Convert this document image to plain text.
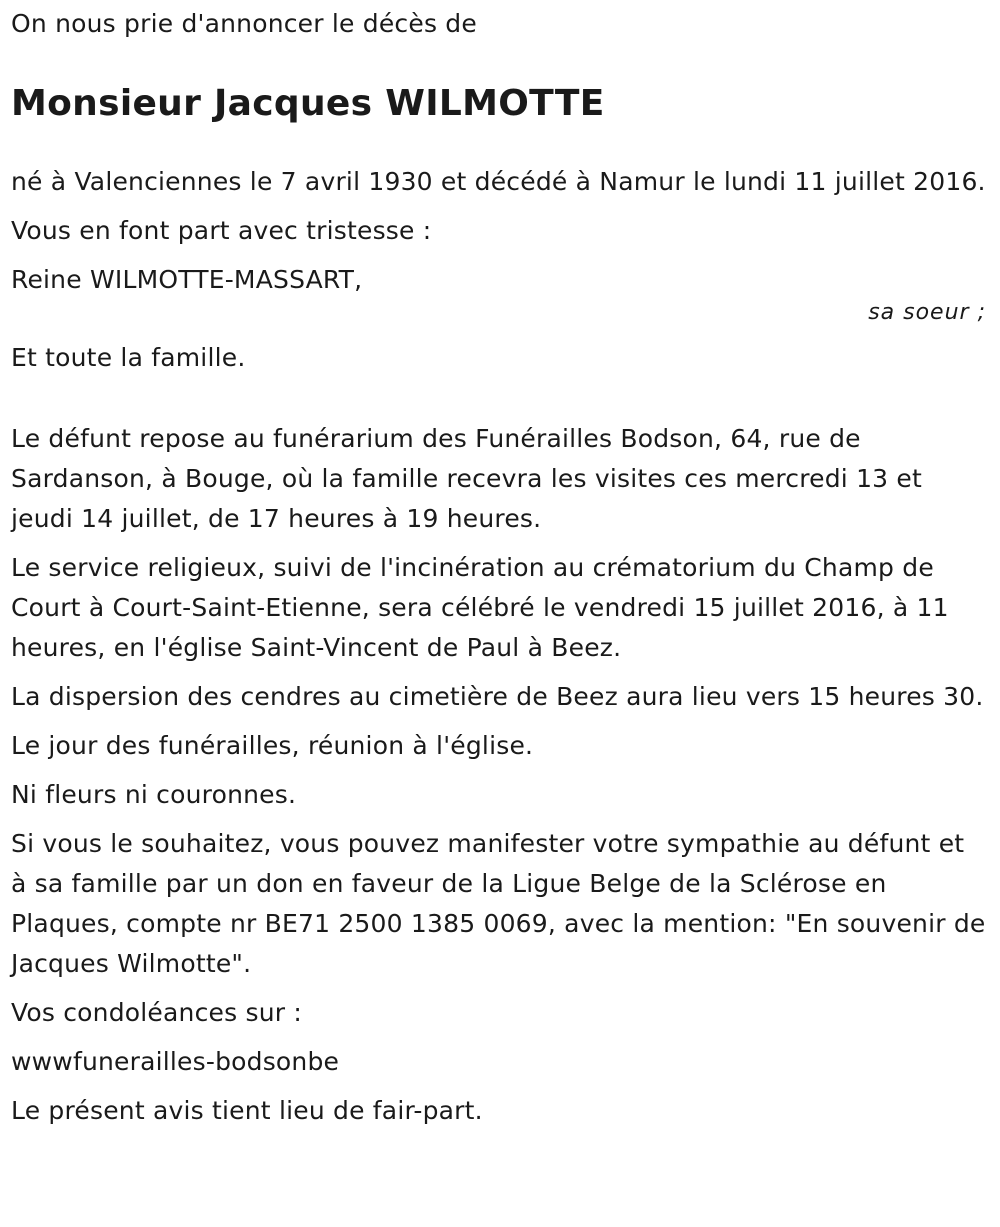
On nous prie d'annoncer le décès de

Monsieur Jacques WILMOTTE

né à Valenciennes le 7 avril 1930 et décédé à Namur le lundi 11 juillet 2016.

Vous en font part avec tristesse :

Reine WILMOTTE-MASSART,

sa soeur ;

Et toute la famille.

Le défunt repose au funérarium des Funérailles Bodson, 64, rue de Sardanson, à Bouge, où la famille recevra les visites ces mercredi 13 et jeudi 14 juillet, de 17 heures à 19 heures.

Le service religieux, suivi de l'incinération au crématorium du Champ de Court à Court-Saint-Etienne, sera célébré le vendredi 15 juillet 2016, à 11 heures, en l'église Saint-Vincent de Paul à Beez.

La dispersion des cendres au cimetière de Beez aura lieu vers 15 heures 30.

Le jour des funérailles, réunion à l'église.

Ni fleurs ni couronnes.

Si vous le souhaitez, vous pouvez manifester votre sympathie au défunt et à sa famille par un don en faveur de la Ligue Belge de la Sclérose en Plaques, compte nr BE71 2500 1385 0069, avec la mention: "En souvenir de Jacques Wilmotte".

Vos condoléances sur :

wwwfunerailles-bodsonbe

Le présent avis tient lieu de fair-part.
